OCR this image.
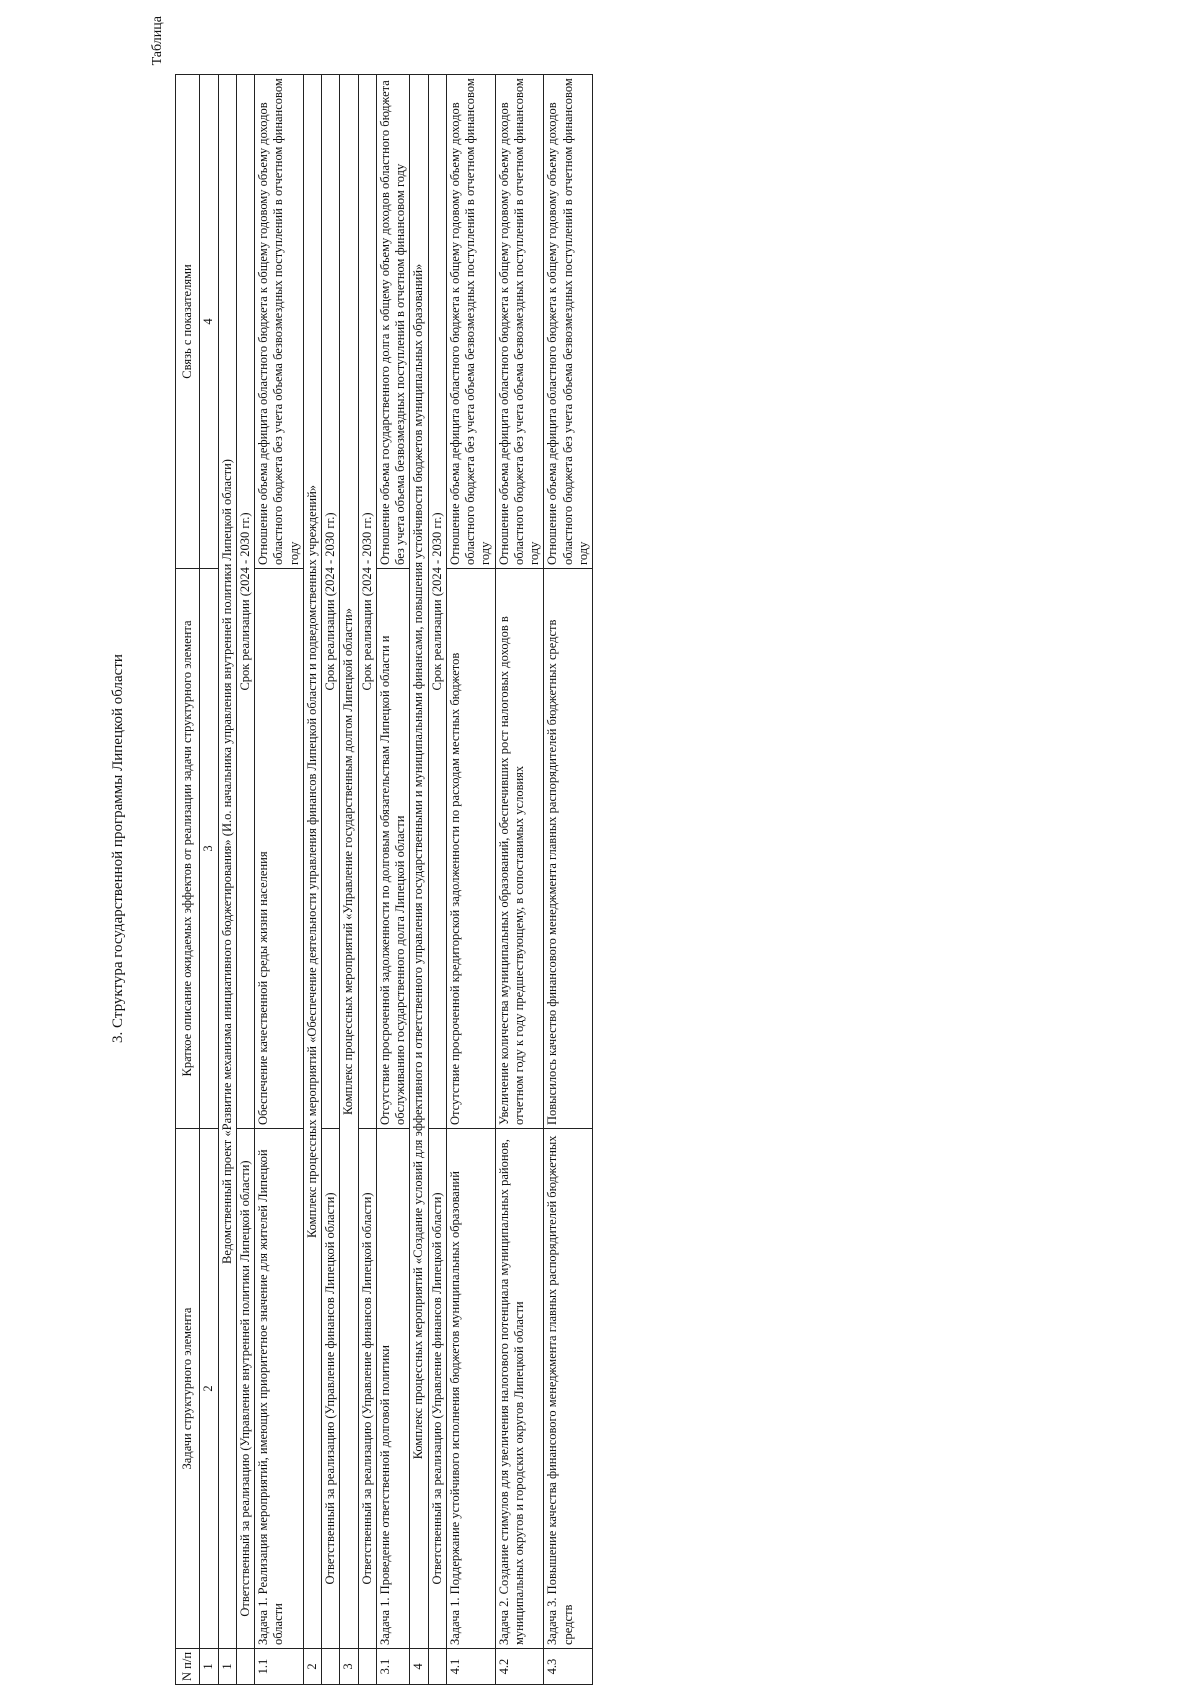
3. Структура государственной программы Липецкой области
Таблица
N п/п	Задачи структурного элемента	Краткое описание ожидаемых эффектов от реализации задачи структурного элемента	Связь с показателями
1	2	3	4
1	Ведомственный проект «Развитие механизма инициативного бюджетирования» (И.о. начальника управления внутренней политики Липецкой области)		
	Ответственный за реализацию (Управление внутренней политики Липецкой области)	Срок реализации (2024 - 2030 гг.)	
1.1	Задача 1. Реализация мероприятий, имеющих приоритетное значение для жителей Липецкой области	Обеспечение качественной среды жизни населения	Отношение объема дефицита областного бюджета к общему годовому объему доходов областного бюджета без учета объема безвозмездных поступлений в отчетном финансовом году
2	Комплекс процессных мероприятий «Обеспечение деятельности управления финансов Липецкой области и подведомственных учреждений»		
	Ответственный за реализацию (Управление финансов Липецкой области)	Срок реализации (2024 - 2030 гг.)	
3	Комплекс процессных мероприятий «Управление государственным долгом Липецкой области»		
	Ответственный за реализацию (Управление финансов Липецкой области)	Срок реализации (2024 - 2030 гг.)	
3.1	Задача 1. Проведение ответственной долговой политики	Отсутствие просроченной задолженности по долговым обязательствам Липецкой области и обслуживанию государственного долга Липецкой области	Отношение объема государственного долга к общему объему доходов областного бюджета без учета объема безвозмездных поступлений в отчетном финансовом году
4	Комплекс процессных мероприятий «Создание условий для эффективного и ответственного управления государственными и муниципальными финансами, повышения устойчивости бюджетов муниципальных образований»		
	Ответственный за реализацию (Управление финансов Липецкой области)	Срок реализации (2024 - 2030 гг.)	
4.1	Задача 1. Поддержание устойчивого исполнения бюджетов муниципальных образований	Отсутствие просроченной кредиторской задолженности по расходам местных бюджетов	Отношение объема дефицита областного бюджета к общему годовому объему доходов областного бюджета без учета объема безвозмездных поступлений в отчетном финансовом году
4.2	Задача 2. Создание стимулов для увеличения налогового потенциала муниципальных районов, муниципальных округов и городских округов Липецкой области	Увеличение количества муниципальных образований, обеспечивших рост налоговых доходов в отчетном году к году предшествующему, в сопоставимых условиях	Отношение объема дефицита областного бюджета к общему годовому объему доходов областного бюджета без учета объема безвозмездных поступлений в отчетном финансовом году
4.3	Задача 3. Повышение качества финансового менеджмента главных распорядителей бюджетных средств	Повысилось качество финансового менеджмента главных распорядителей бюджетных средств	Отношение объема дефицита областного бюджета к общему годовому объему доходов областного бюджета без учета объема безвозмездных поступлений в отчетном финансовом году
